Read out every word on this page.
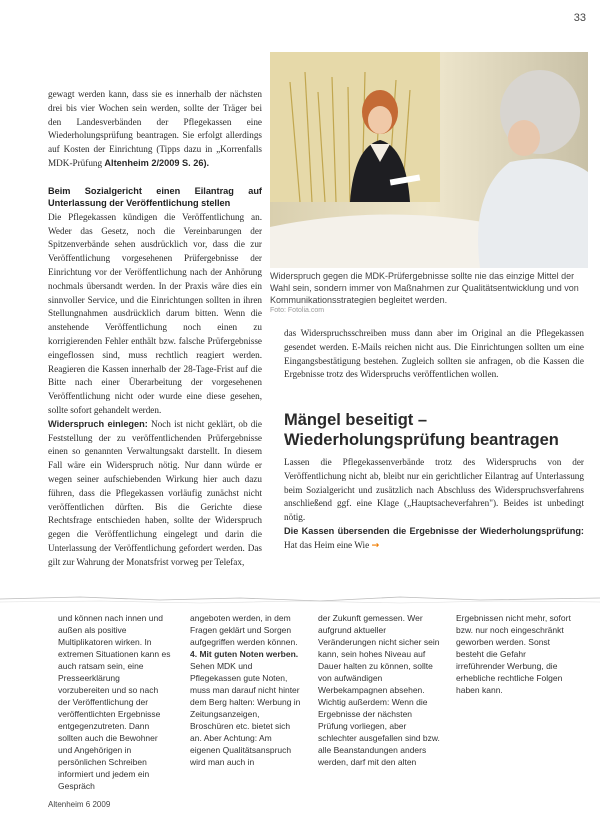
33

gewagt werden kann, dass sie es innerhalb der nächsten drei bis vier Wochen sein werden, sollte der Träger bei den Landesverbänden der Pflegekassen eine Wiederholungsprüfung beantragen. Sie erfolgt allerdings auf Kosten der Einrichtung (Tipps dazu in „Korrenfalls MDK-Prüfung Altenheim 2/2009 S. 26).

Beim Sozialgericht einen Eilantrag auf Unterlassung der Veröffentlichung stellen

Die Pflegekassen kündigen die Veröffentlichung an. Weder das Gesetz, noch die Vereinbarungen der Spitzenverbände sehen ausdrücklich vor, dass die zur Veröffentlichung vorgesehenen Prüfergebnisse der Einrichtung vor der Veröffentlichung nach der Anhörung nochmals übersandt werden. In der Praxis wäre dies ein sinnvoller Service, und die Einrichtungen sollten in ihren Stellungnahmen ausdrücklich darum bitten. Wenn die anstehende Veröffentlichung noch einen zu korrigierenden Fehler enthält bzw. falsche Prüfergebnisse eingeflossen sind, muss rechtlich reagiert werden. Reagieren die Kassen innerhalb der 28-Tage-Frist auf die Bitte nach einer Überarbeitung der vorgesehenen Veröffentlichung nicht oder wurde eine diese gesehen, sollte sofort gehandelt werden.

Widerspruch einlegen: Noch ist nicht geklärt, ob die Feststellung der zu veröffentlichenden Prüfergebnisse einen so genannten Verwaltungsakt darstellt. In diesem Fall wäre ein Widerspruch nötig. Nur dann würde er wegen seiner aufschiebenden Wirkung hier auch dazu führen, dass die Pflegekassen vorläufig zunächst nicht veröffentlichen dürften. Bis die Gerichte diese Rechtsfrage entschieden haben, sollte der Widerspruch gegen die Veröffentlichung eingelegt und darin die Unterlassung der Veröffentlichung gefordert werden. Das gilt zur Wahrung der Monatsfrist vorweg per Telefax,

Widerspruch gegen die MDK-Prüfergebnisse sollte nie das einzige Mittel der Wahl sein, sondern immer von Maßnahmen zur Qualitätsentwicklung und von Kommunikationsstrategien begleitet werden.
Foto: Fotolia.com

das Widerspruchsschreiben muss dann aber im Original an die Pflegekassen gesendet werden. E-Mails reichen nicht aus. Die Einrichtungen sollten um eine Eingangsbestätigung bestehen. Zugleich sollten sie anfragen, ob die Kassen die Ergebnisse trotz des Widerspruchs veröffentlichen wollen.

Mängel beseitigt – Wiederholungsprüfung beantragen

Lassen die Pflegekassenverbände trotz des Widerspruchs von der Veröffentlichung nicht ab, bleibt nur ein gerichtlicher Eilantrag auf Unterlassung beim Sozialgericht und zusätzlich nach Abschluss des Widerspruchsverfahrens anschließend ggf. eine Klage („Hauptsacheverfahren"). Beides ist unbedingt nötig.

Die Kassen übersenden die Ergebnisse der Wiederholungsprüfung: Hat das Heim eine Wie →

und können nach innen und außen als positive Multiplikatoren wirken. In extremen Situationen kann es auch ratsam sein, eine Presseerklärung vorzubereiten und so nach der Veröffentlichung der veröffentlichten Ergebnisse entgegenzutreten. Dann sollten auch die Bewohner und Angehörigen in persönlichen Schreiben informiert und jedem ein Gespräch
angeboten werden, in dem Fragen geklärt und Sorgen aufgegriffen werden können.
4. Mit guten Noten werben. Sehen MDK und Pflegekassen gute Noten, muss man darauf nicht hinter dem Berg halten: Werbung in Zeitungsanzeigen, Broschüren etc. bietet sich an. Aber Achtung: Am eigenen Qualitätsanspruch wird man auch in
der Zukunft gemessen. Wer aufgrund aktueller Veränderungen nicht sicher sein kann, sein hohes Niveau auf Dauer halten zu können, sollte von aufwändigen Werbekampagnen absehen. Wichtig außerdem: Wenn die Ergebnisse der nächsten Prüfung vorliegen, aber schlechter ausgefallen sind bzw. alle Beanstandungen anders werden, darf mit den alten
Ergebnissen nicht mehr, sofort bzw. nur noch eingeschränkt geworben werden. Sonst besteht die Gefahr irreführender Werbung, die erhebliche rechtliche Folgen haben kann.
Altenheim 6 2009
